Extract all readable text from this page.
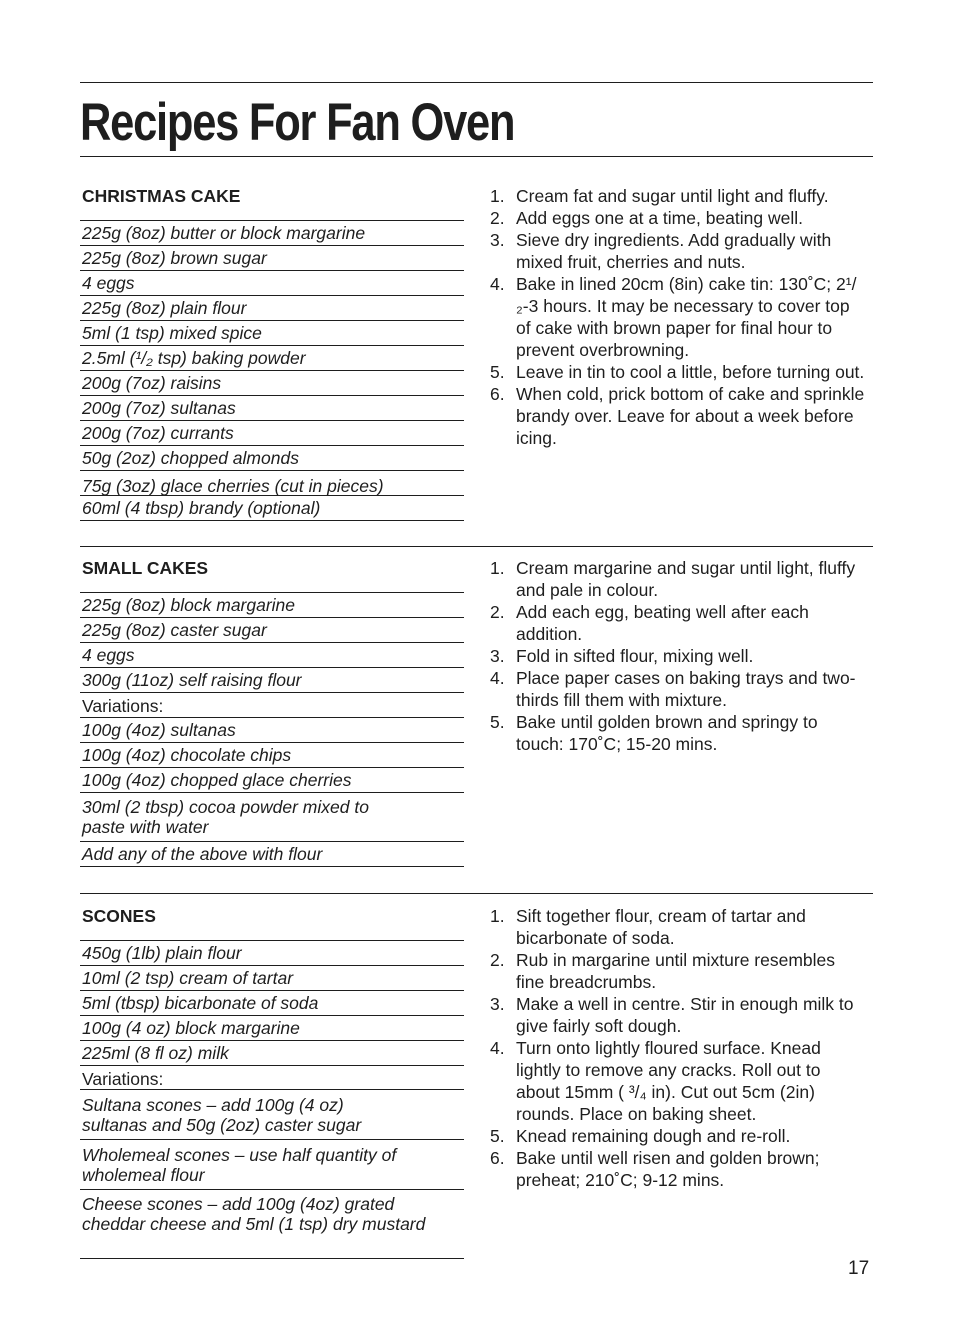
Recipes For Fan Oven
CHRISTMAS CAKE
225g (8oz) butter or block margarine
225g (8oz) brown sugar
4 eggs
225g (8oz) plain flour
5ml (1 tsp) mixed spice
2.5ml (¹/₂ tsp) baking powder
200g (7oz) raisins
200g (7oz) sultanas
200g (7oz) currants
50g (2oz) chopped almonds
75g (3oz) glace cherries (cut in pieces)
60ml (4 tbsp) brandy (optional)
1. Cream fat and sugar until light and fluffy.
2. Add eggs one at a time, beating well.
3. Sieve dry ingredients. Add gradually with mixed fruit, cherries and nuts.
4. Bake in lined 20cm (8in) cake tin: 130˚C; 2¹/₂-3 hours. It may be necessary to cover top of cake with brown paper for final hour to prevent overbrowning.
5. Leave in tin to cool a little, before turning out.
6. When cold, prick bottom of cake and sprinkle brandy over. Leave for about a week before icing.
SMALL CAKES
225g (8oz) block margarine
225g (8oz) caster sugar
4 eggs
300g (11oz) self raising flour
Variations:
100g (4oz) sultanas
100g (4oz) chocolate chips
100g (4oz) chopped glace cherries
30ml (2 tbsp) cocoa powder mixed to paste with water
Add any of the above with flour
1. Cream margarine and sugar until light, fluffy and pale in colour.
2. Add each egg, beating well after each addition.
3. Fold in sifted flour, mixing well.
4. Place paper cases on baking trays and two-thirds fill them with mixture.
5. Bake until golden brown and springy to touch: 170˚C; 15-20 mins.
SCONES
450g (1lb) plain flour
10ml (2 tsp) cream of tartar
5ml (tbsp) bicarbonate of soda
100g (4 oz) block margarine
225ml (8 fl oz) milk
Variations:
Sultana scones – add 100g (4 oz) sultanas and 50g (2oz) caster sugar
Wholemeal scones – use half quantity of wholemeal flour
Cheese scones – add 100g (4oz) grated cheddar cheese and 5ml (1 tsp) dry mustard
1. Sift together flour, cream of tartar and bicarbonate of soda.
2. Rub in margarine until mixture resembles fine breadcrumbs.
3. Make a well in centre. Stir in enough milk to give fairly soft dough.
4. Turn onto lightly floured surface. Knead lightly to remove any cracks. Roll out to about 15mm ( ³/₄ in). Cut out 5cm (2in) rounds. Place on baking sheet.
5. Knead remaining dough and re-roll.
6. Bake until well risen and golden brown; preheat; 210˚C; 9-12 mins.
17
